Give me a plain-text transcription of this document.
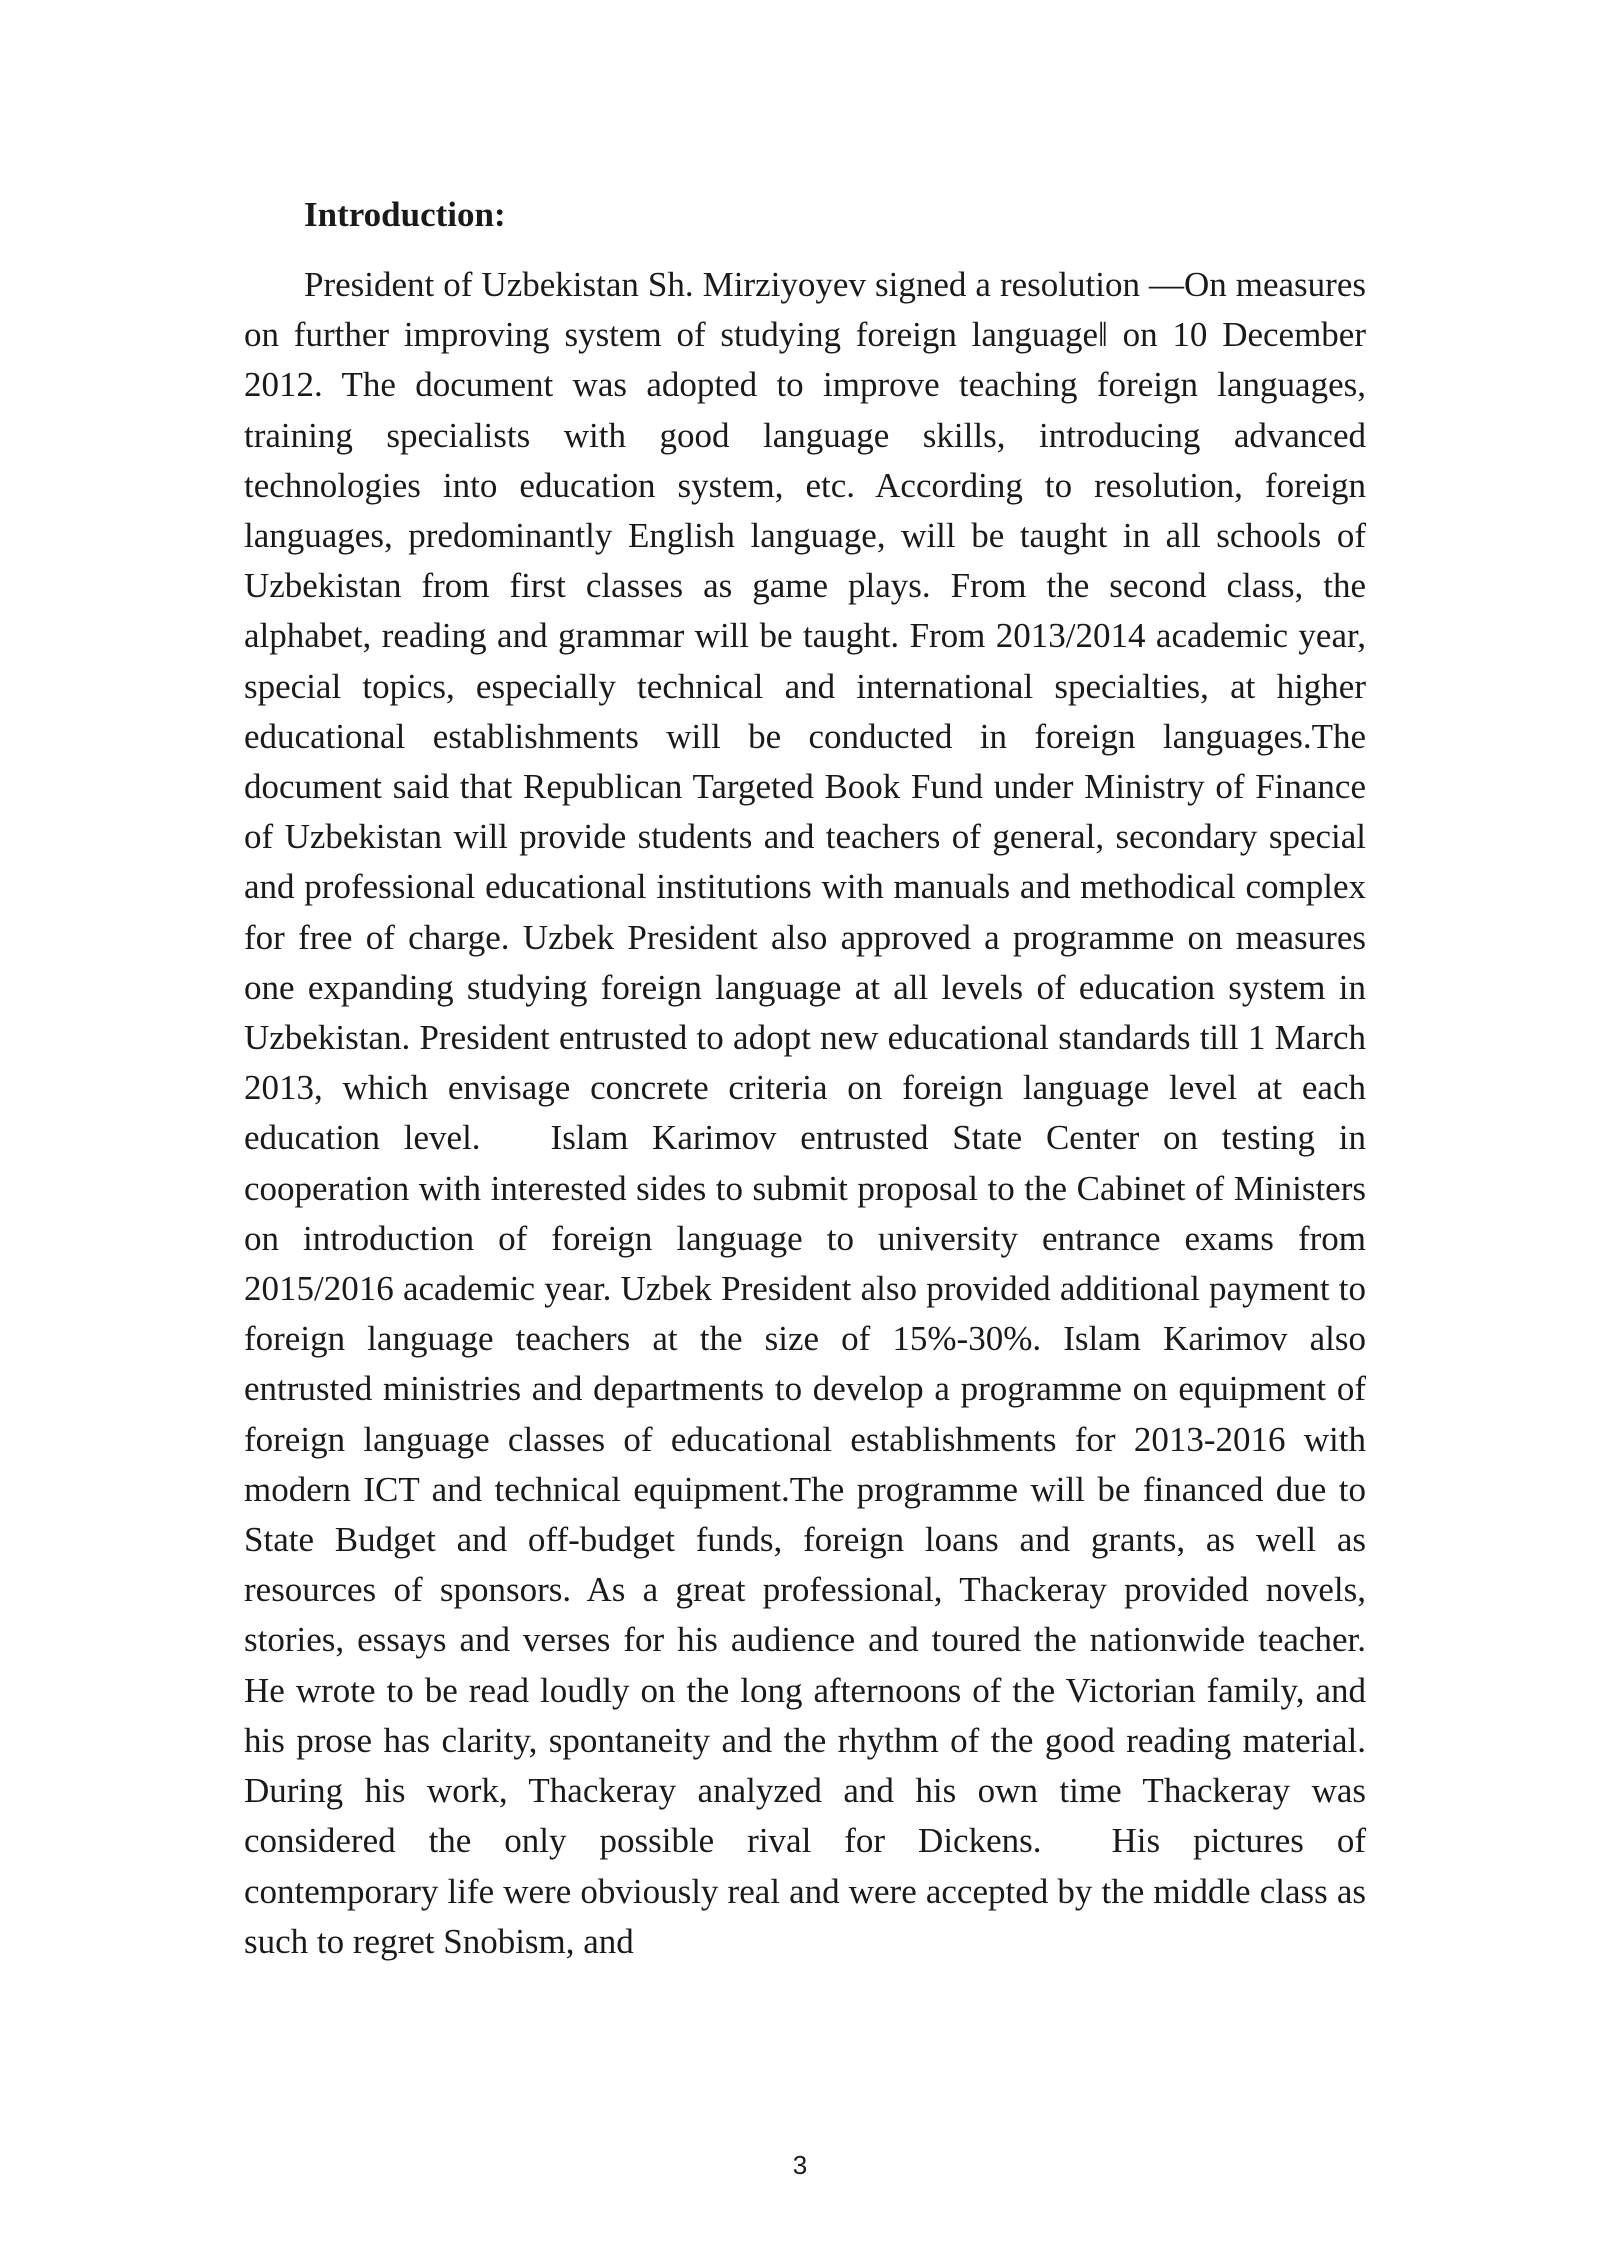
Introduction:

President of Uzbekistan Sh. Mirziyoyev signed a resolution —On measures on further improving system of studying foreign language‖ on 10 December 2012. The document was adopted to improve teaching foreign languages, training specialists with good language skills, introducing advanced technologies into education system, etc. According to resolution, foreign languages, predominantly English language, will be taught in all schools of Uzbekistan from first classes as game plays. From the second class, the alphabet, reading and grammar will be taught. From 2013/2014 academic year, special topics, especially technical and international specialties, at higher educational establishments will be conducted in foreign languages.The document said that Republican Targeted Book Fund under Ministry of Finance of Uzbekistan will provide students and teachers of general, secondary special and professional educational institutions with manuals and methodical complex for free of charge. Uzbek President also approved a programme on measures one expanding studying foreign language at all levels of education system in Uzbekistan. President entrusted to adopt new educational standards till 1 March 2013, which envisage concrete criteria on foreign language level at each education level.  Islam Karimov entrusted State Center on testing in cooperation with interested sides to submit proposal to the Cabinet of Ministers on introduction of foreign language to university entrance exams from 2015/2016 academic year. Uzbek President also provided additional payment to foreign language teachers at the size of 15%-30%. Islam Karimov also entrusted ministries and departments to develop a programme on equipment of foreign language classes of educational establishments for 2013-2016 with modern ICT and technical equipment.The programme will be financed due to State Budget and off-budget funds, foreign loans and grants, as well as resources of sponsors. As a great professional, Thackeray provided novels, stories, essays and verses for his audience and toured the nationwide teacher. He wrote to be read loudly on the long afternoons of the Victorian family, and his prose has clarity, spontaneity and the rhythm of the good reading material. During his work, Thackeray analyzed and his own time Thackeray was considered the only possible rival for Dickens.  His pictures of contemporary life were obviously real and were accepted by the middle class as such to regret Snobism, and

3
